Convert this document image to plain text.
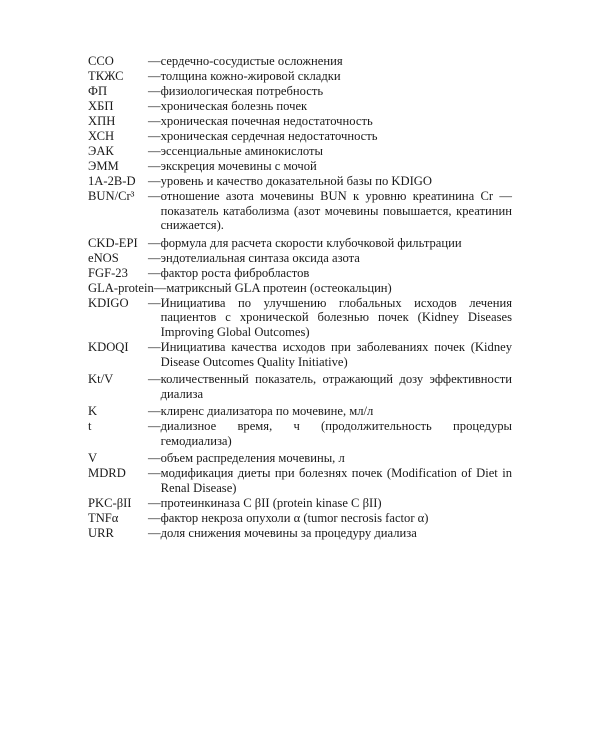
ССО	— сердечно-сосудистые осложнения
ТКЖС	— толщина кожно-жировой складки
ФП	— физиологическая потребность
ХБП	— хроническая болезнь почек
ХПН	— хроническая почечная недостаточность
ХСН	— хроническая сердечная недостаточность
ЭАК	— эссенциальные аминокислоты
ЭММ	— экскреция мочевины с мочой
1A-2B-D — уровень и качество доказательной базы по KDIGO
BUN/Cr³	— отношение азота мочевины BUN к уровню креатинина Cr — показатель катаболизма (азот мочевины повышается, креатинин снижается).
CKD-EPI — формула для расчета скорости клубочковой фильтрации
eNOS	— эндотелиальная синтаза оксида азота
FGF-23	— фактор роста фибробластов
GLA-protein — матриксный GLA протеин (остеокальцин)
KDIGO	— Инициатива по улучшению глобальных исходов лечения пациентов с хронической болезнью почек (Kidney Diseases Improving Global Outcomes)
KDOQI	— Инициатива качества исходов при заболеваниях почек (Kidney Disease Outcomes Quality Initiative)
Kt/V	— количественный показатель, отражающий дозу эффективности диализа
K	— клиренс диализатора по мочевине, мл/л
t	— диализное время, ч (продолжительность процедуры гемодиализа)
V	— объем распределения мочевины, л
MDRD	— модификация диеты при болезнях почек (Modification of Diet in Renal Disease)
PKC-βII	— протеинкиназа С βII (protein kinase C βII)
TNFα	— фактор некроза опухоли α (tumor necrosis factor α)
URR	— доля снижения мочевины за процедуру диализа
